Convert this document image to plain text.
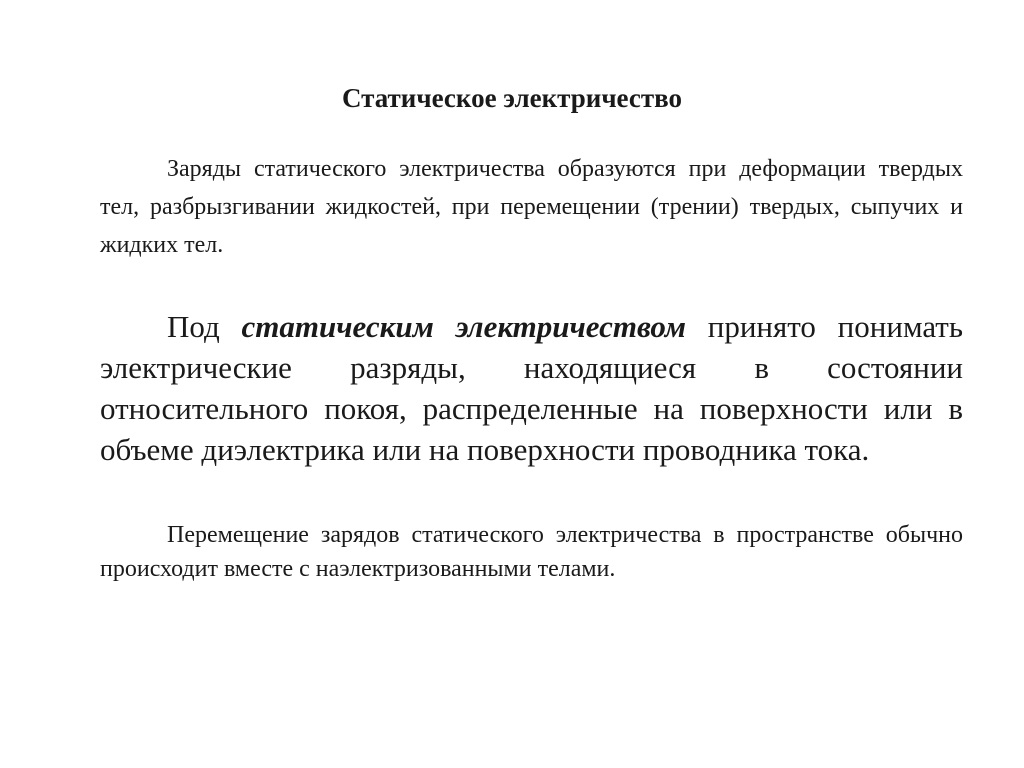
Статическое электричество

Заряды статического электричества образуются при деформации твердых тел, разбрызгивании жидкостей, при перемещении (трении) твердых, сыпучих и жидких тел.

Под статическим электричеством принято понимать электрические разряды, находящиеся в состоянии относительного покоя, распределенные на поверхности или в объеме диэлектрика или на поверхности проводника тока.

Перемещение зарядов статического электричества в пространстве обычно происходит вместе с наэлектризованными телами.
